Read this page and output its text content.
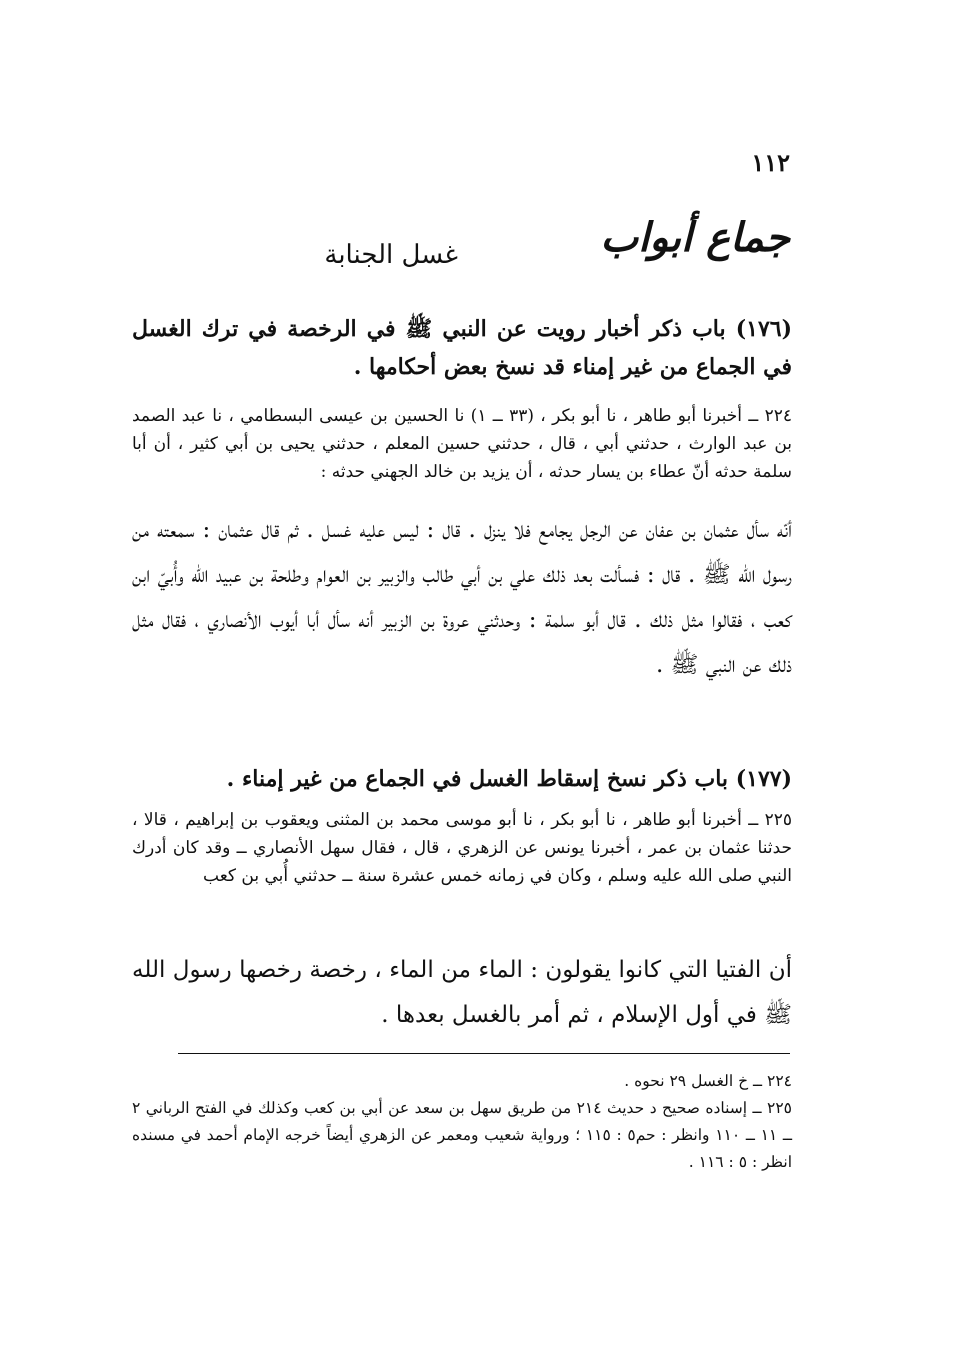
١١٢
جماع أبواب
غسل الجنابة
(١٧٦) باب ذكر أخبار رويت عن النبي ﷺ في الرخصة في ترك الغسل في الجماع من غير إمناء قد نسخ بعض أحكامها .
٢٢٤ ــ أخبرنا أبو طاهر ، نا أبو بكر ، (٣٣ ــ ١) نا الحسين بن عيسى البسطامي ، نا عبد الصمد بن عبد الوارث ، حدثني أبي ، قال ، حدثني حسين المعلم ، حدثني يحيى بن أبي كثير ، أن أبا سلمة حدثه أنّ عطاء بن يسار حدثه ، أن يزيد بن خالد الجهني حدثه :
أنّه سأل عثمان بن عفان عن الرجل يجامع فلا ينزل . قال : ليس عليه غسل . ثم قال عثمان : سمعته من رسول الله ﷺ . قال : فسألت بعد ذلك علي بن أبي طالب والزبير بن العوام وطلحة بن عبيد الله وأُبيّ ابن كعب ، فقالوا مثل ذلك . قال أبو سلمة : وحدثني عروة بن الزبير أنه سأل أبا أيوب الأنصاري ، فقال مثل ذلك عن النبي ﷺ .
(١٧٧) باب ذكر نسخ إسقاط الغسل في الجماع من غير إمناء .
٢٢٥ ــ أخبرنا أبو طاهر ، نا أبو بكر ، نا أبو موسى محمد بن المثنى ويعقوب بن إبراهيم ، قالا ، حدثنا عثمان بن عمر ، أخبرنا يونس عن الزهري ، قال ، فقال سهل الأنصاري ــ وقد كان أدرك النبي صلى الله عليه وسلم ، وكان في زمانه خمس عشرة سنة ــ حدثني أُبي بن كعب
أن الفتيا التي كانوا يقولون : الماء من الماء ، رخصة رخصها رسول الله ﷺ في أول الإسلام ، ثم أمر بالغسل بعدها .

٢٢٤ ــ خ الغسل ٢٩ نحوه .

٢٢٥ ــ إسناده صحيح د حديث ٢١٤ من طريق سهل بن سعد عن أبي بن كعب وكذلك في الفتح الرباني ٢ ــ ١١ ــ ١١٠ وانظر : حم٥ : ١١٥ ؛ ورواية شعيب ومعمر عن الزهري أيضاً خرجه الإمام أحمد في مسنده انظر : ٥ : ١١٦ .
